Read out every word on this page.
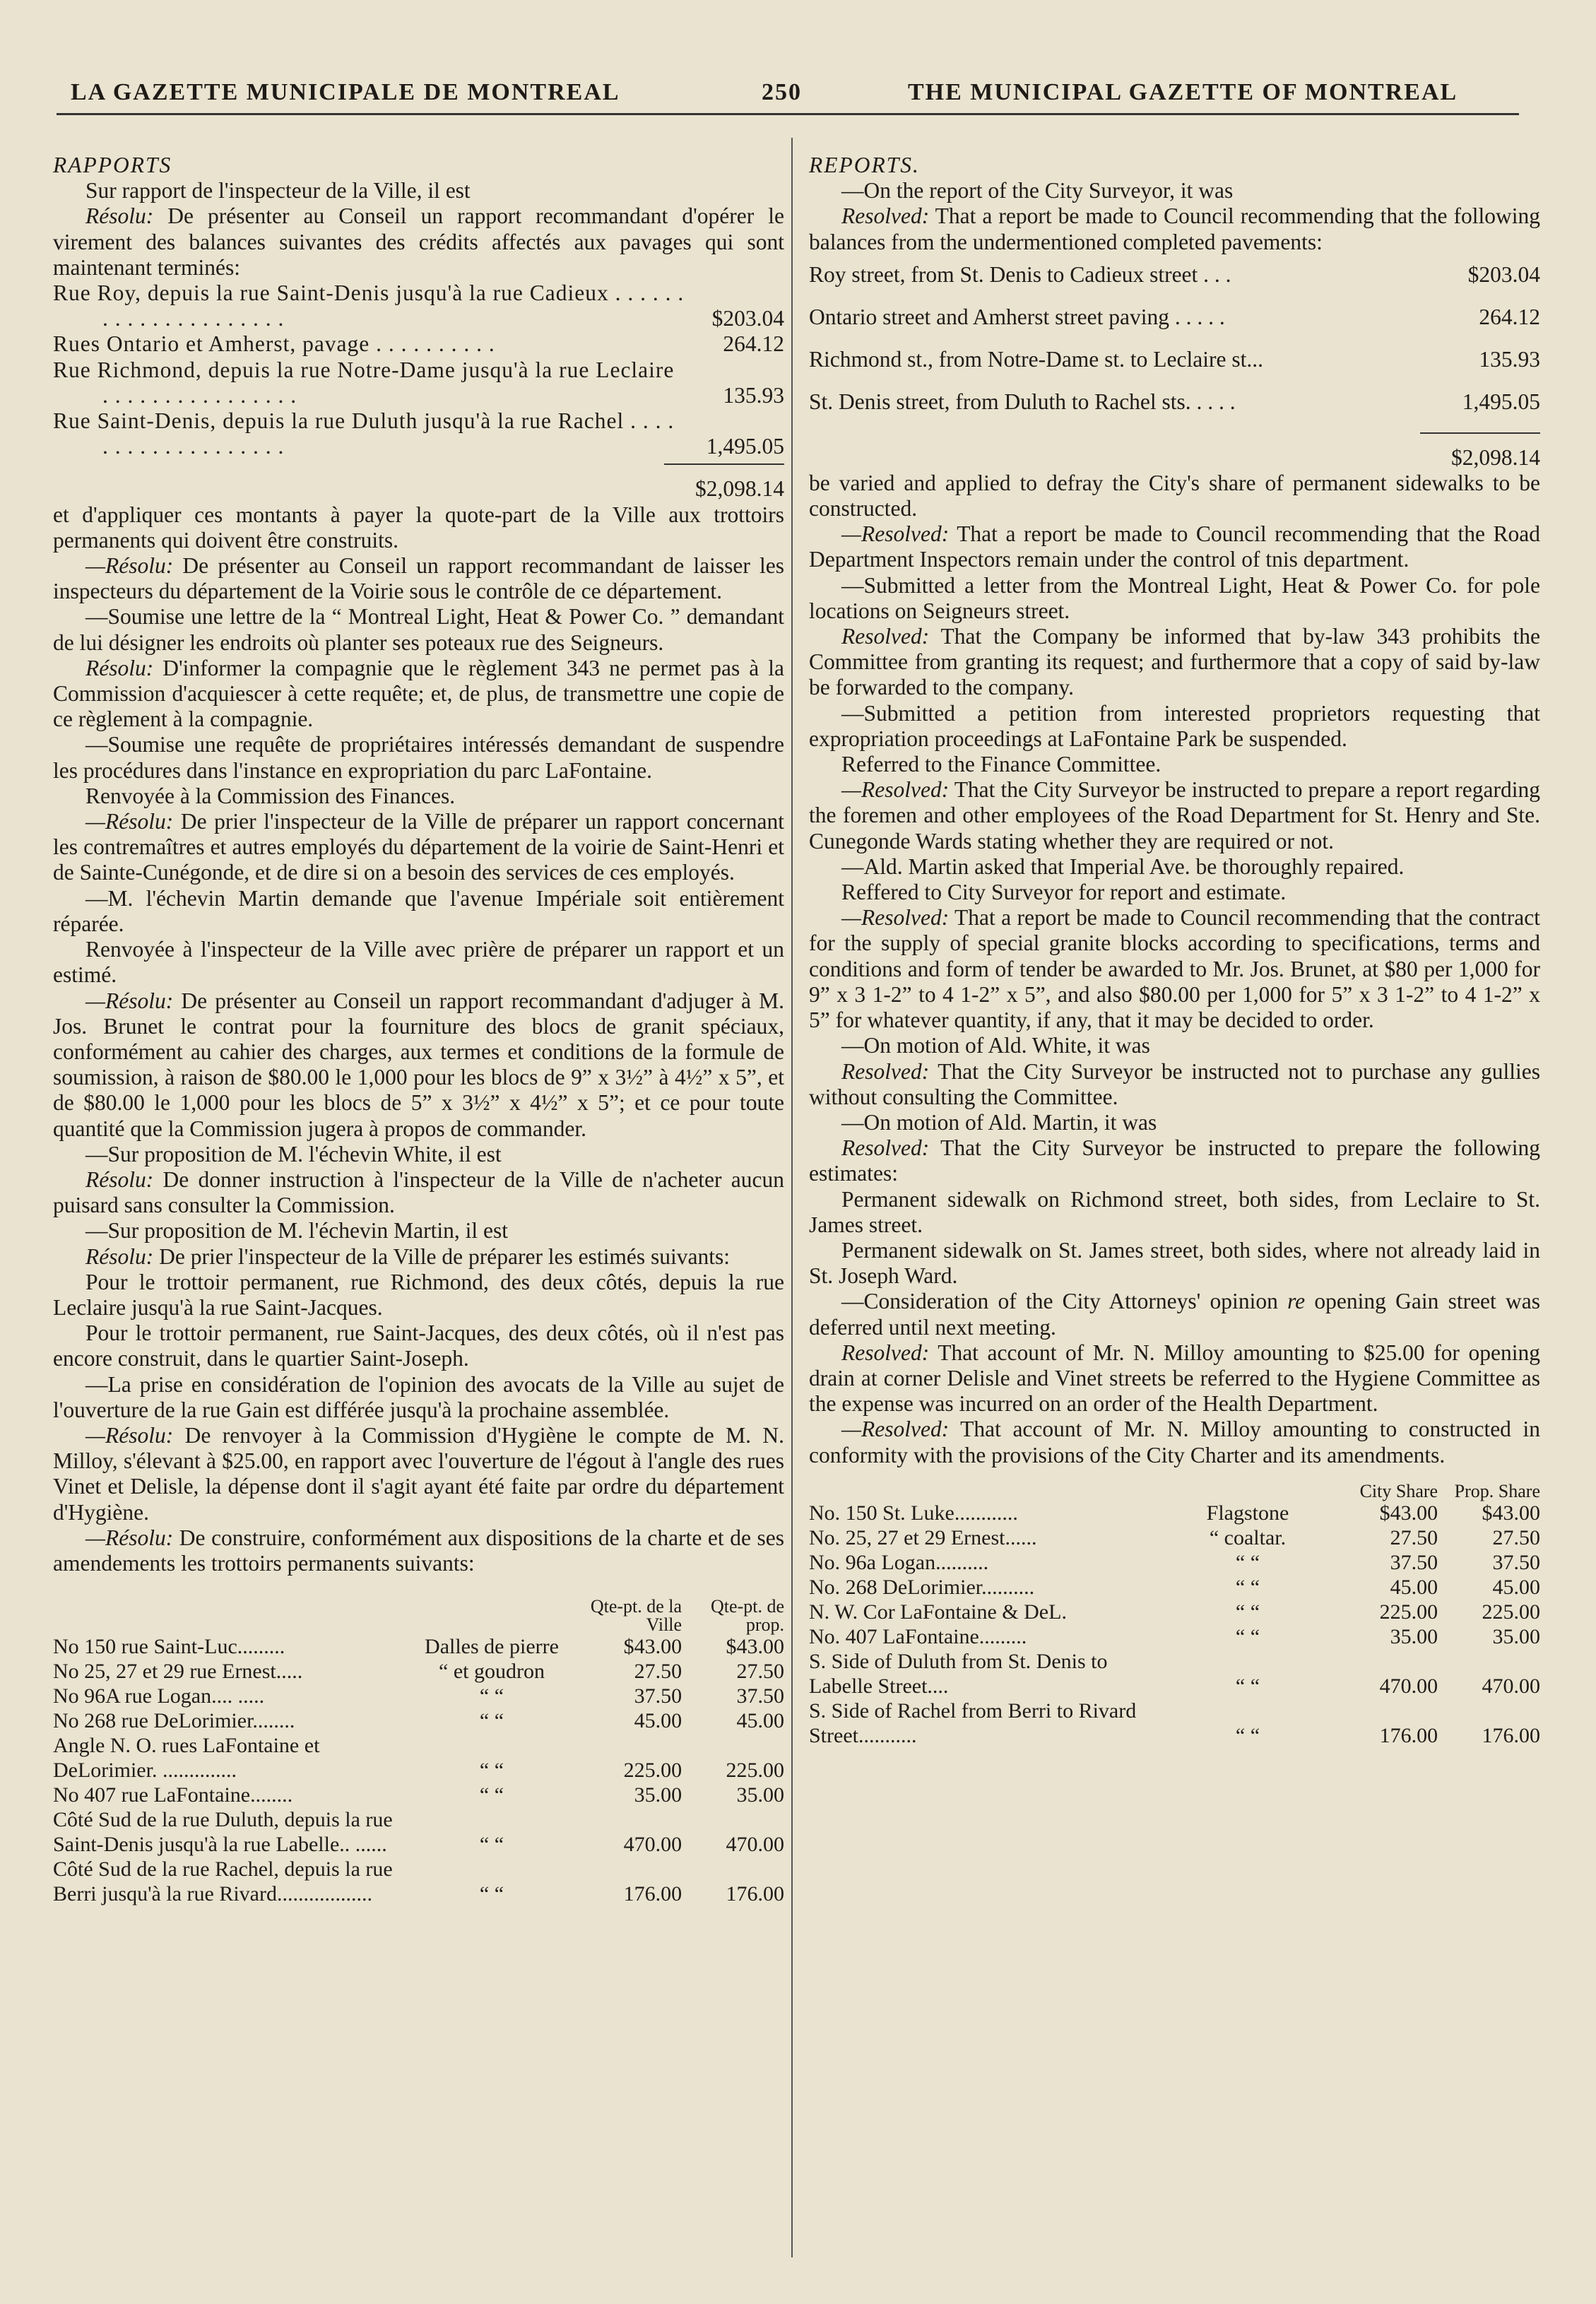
LA GAZETTE MUNICIPALE DE MONTREAL	250	THE MUNICIPAL GAZETTE OF MONTREAL
RAPPORTS

Sur rapport de l'inspecteur de la Ville, il est

Résolu: De présenter au Conseil un rapport recommandant d'opérer le virement des balances suivantes des crédits affectés aux pavages qui sont maintenant terminés:

Rue Roy, depuis la rue Saint-Denis jusqu'à la rue Cadieux . . . . . . . . . . . . . . . . . . . . .	$203.04
Rues Ontario et Amherst, pavage . . . . . . . . . .	264.12
Rue Richmond, depuis la rue Notre-Dame jusqu'à la rue Leclaire . . . . . . . . . . . . . . . .	135.93
Rue Saint-Denis, depuis la rue Duluth jusqu'à la rue Rachel . . . . . . . . . . . . . . . . . . .	1,495.05
$2,098.14

et d'appliquer ces montants à payer la quote-part de la Ville aux trottoirs permanents qui doivent être construits.

—Résolu: De présenter au Conseil un rapport recommandant de laisser les inspecteurs du département de la Voirie sous le contrôle de ce département.

—Soumise une lettre de la “ Montreal Light, Heat & Power Co. ” demandant de lui désigner les endroits où planter ses poteaux rue des Seigneurs.

Résolu: D'informer la compagnie que le règlement 343 ne permet pas à la Commission d'acquiescer à cette requête; et, de plus, de transmettre une copie de ce règlement à la compagnie.

—Soumise une requête de propriétaires intéressés demandant de suspendre les procédures dans l'instance en expropriation du parc LaFontaine.

Renvoyée à la Commission des Finances.

—Résolu: De prier l'inspecteur de la Ville de préparer un rapport concernant les contremaîtres et autres employés du département de la voirie de Saint-Henri et de Sainte-Cunégonde, et de dire si on a besoin des services de ces employés.

—M. l'échevin Martin demande que l'avenue Impériale soit entièrement réparée.

Renvoyée à l'inspecteur de la Ville avec prière de préparer un rapport et un estimé.

—Résolu: De présenter au Conseil un rapport recommandant d'adjuger à M. Jos. Brunet le contrat pour la fourniture des blocs de granit spéciaux, conformément au cahier des charges, aux termes et conditions de la formule de soumission, à raison de $80.00 le 1,000 pour les blocs de 9” x 3½” à 4½” x 5”, et de $80.00 le 1,000 pour les blocs de 5” x 3½” x 4½” x 5”; et ce pour toute quantité que la Commission jugera à propos de commander.

—Sur proposition de M. l'échevin White, il est

Résolu: De donner instruction à l'inspecteur de la Ville de n'acheter aucun puisard sans consulter la Commission.

—Sur proposition de M. l'échevin Martin, il est

Résolu: De prier l'inspecteur de la Ville de préparer les estimés suivants:

Pour le trottoir permanent, rue Richmond, des deux côtés, depuis la rue Leclaire jusqu'à la rue Saint-Jacques.

Pour le trottoir permanent, rue Saint-Jacques, des deux côtés, où il n'est pas encore construit, dans le quartier Saint-Joseph.

—La prise en considération de l'opinion des avocats de la Ville au sujet de l'ouverture de la rue Gain est différée jusqu'à la prochaine assemblée.

—Résolu: De renvoyer à la Commission d'Hygiène le compte de M. N. Milloy, s'élevant à $25.00, en rapport avec l'ouverture de l'égout à l'angle des rues Vinet et Delisle, la dépense dont il s'agit ayant été faite par ordre du département d'Hygiène.

—Résolu: De construire, conformément aux dispositions de la charte et de ses amendements les trottoirs permanents suivants:

		Qte-pt. de la Ville	Qte-pt. de prop.
No 150 rue Saint-Luc.........	Dalles de pierre	$43.00	$43.00
No 25, 27 et 29 rue Ernest.....	“ et goudron	27.50	27.50
No 96A rue Logan.... .....	“ “	37.50	37.50
No 268 rue DeLorimier........	“ “	45.00	45.00
Angle N. O. rues LaFontaine et DeLorimier. ..............	“ “	225.00	225.00
No 407 rue LaFontaine........	“ “	35.00	35.00
Côté Sud de la rue Duluth, depuis la rue Saint-Denis jusqu'à la rue Labelle.. ......	“ “	470.00	470.00
Côté Sud de la rue Rachel, depuis la rue Berri jusqu'à la rue Rivard..................	“ “	176.00	176.00
REPORTS.

—On the report of the City Surveyor, it was

Resolved: That a report be made to Council recommending that the following balances from the undermentioned completed pavements:

Roy street, from St. Denis to Cadieux street . . .	$203.04
Ontario street and Amherst street paving . . . . .	264.12
Richmond st., from Notre-Dame st. to Leclaire st...	135.93
St. Denis street, from Duluth to Rachel sts. . . . .	1,495.05
$2,098.14

be varied and applied to defray the City's share of permanent sidewalks to be constructed.

—Resolved: That a report be made to Council recommending that the Road Department Inspectors remain under the control of tnis department.

—Submitted a letter from the Montreal Light, Heat & Power Co. for pole locations on Seigneurs street.

Resolved: That the Company be informed that by-law 343 prohibits the Committee from granting its request; and furthermore that a copy of said by-law be forwarded to the company.

—Submitted a petition from interested proprietors requesting that expropriation proceedings at LaFontaine Park be suspended.

Referred to the Finance Committee.

—Resolved: That the City Surveyor be instructed to prepare a report regarding the foremen and other employees of the Road Department for St. Henry and Ste. Cunegonde Wards stating whether they are required or not.

—Ald. Martin asked that Imperial Ave. be thoroughly repaired.

Reffered to City Surveyor for report and estimate.

—Resolved: That a report be made to Council recommending that the contract for the supply of special granite blocks according to specifications, terms and conditions and form of tender be awarded to Mr. Jos. Brunet, at $80 per 1,000 for 9” x 3 1-2” to 4 1-2” x 5”, and also $80.00 per 1,000 for 5” x 3 1-2” to 4 1-2” x 5” for whatever quantity, if any, that it may be decided to order.

—On motion of Ald. White, it was

Resolved: That the City Surveyor be instructed not to purchase any gullies without consulting the Committee.

—On motion of Ald. Martin, it was

Resolved: That the City Surveyor be instructed to prepare the following estimates:

Permanent sidewalk on Richmond street, both sides, from Leclaire to St. James street.

Permanent sidewalk on St. James street, both sides, where not already laid in St. Joseph Ward.

—Consideration of the City Attorneys' opinion re opening Gain street was deferred until next meeting.

Resolved: That account of Mr. N. Milloy amounting to $25.00 for opening drain at corner Delisle and Vinet streets be referred to the Hygiene Committee as the expense was incurred on an order of the Health Department.

—Resolved: That account of Mr. N. Milloy amounting to constructed in conformity with the provisions of the City Charter and its amendments.

		City Share	Prop. Share
No. 150 St. Luke............	Flagstone	$43.00	$43.00
No. 25, 27 et 29 Ernest......	“ coaltar.	27.50	27.50
No. 96a Logan..........	“ “	37.50	37.50
No. 268 DeLorimier..........	“ “	45.00	45.00
N. W. Cor LaFontaine & DeL.	“ “	225.00	225.00
No. 407 LaFontaine.........	“ “	35.00	35.00
S. Side of Duluth from St. Denis to Labelle Street....	“ “	470.00	470.00
S. Side of Rachel from Berri to Rivard Street...........	“ “	176.00	176.00
